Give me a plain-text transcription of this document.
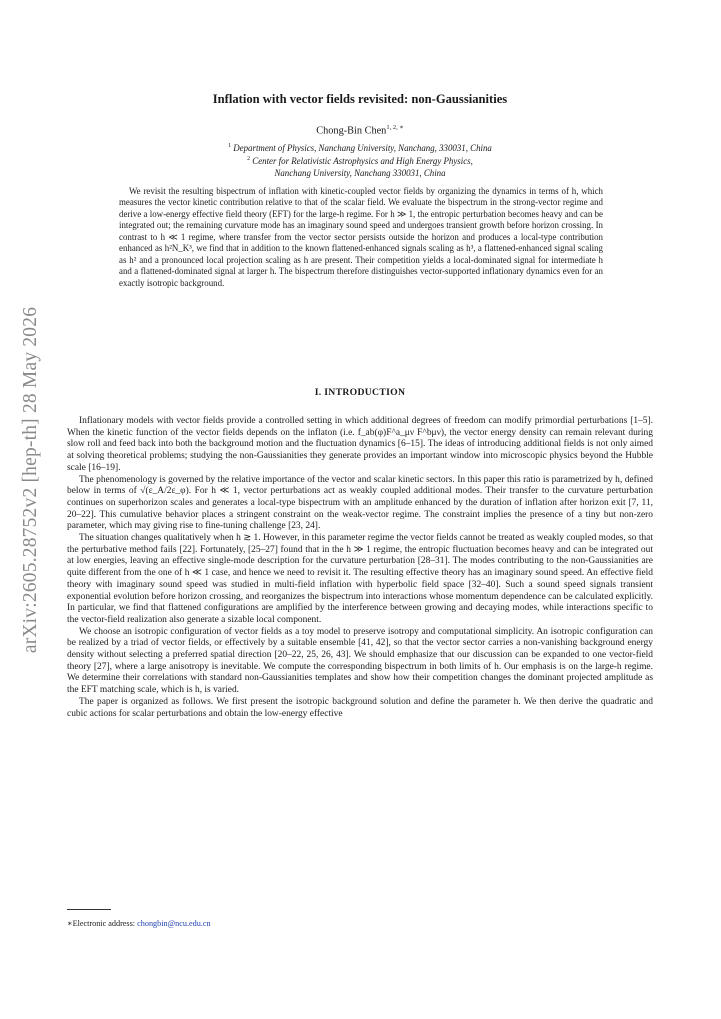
arXiv:2605.28752v2 [hep-th] 28 May 2026
Inflation with vector fields revisited: non-Gaussianities
Chong-Bin Chen$^{1, 2, ∗}$
$^1$ Department of Physics, Nanchang University, Nanchang, 330031, China
$^2$ Center for Relativistic Astrophysics and High Energy Physics,
Nanchang University, Nanchang 330031, China
We revisit the resulting bispectrum of inflation with kinetic-coupled vector fields by organizing the dynamics in terms of h, which measures the vector kinetic contribution relative to that of the scalar field. We evaluate the bispectrum in the strong-vector regime and derive a low-energy effective field theory (EFT) for the large-h regime. For h ≫ 1, the entropic perturbation becomes heavy and can be integrated out; the remaining curvature mode has an imaginary sound speed and undergoes transient growth before horizon crossing. In contrast to h ≪ 1 regime, where transfer from the vector sector persists outside the horizon and produces a local-type contribution enhanced as h²N_K³, we find that in addition to the known flattened-enhanced signals scaling as h³, a flattened-enhanced signal scaling as h² and a pronounced local projection scaling as h are present. Their competition yields a local-dominated signal for intermediate h and a flattened-dominated signal at larger h. The bispectrum therefore distinguishes vector-supported inflationary dynamics even for an exactly isotropic background.
I. INTRODUCTION

Inflationary models with vector fields provide a controlled setting in which additional degrees of freedom can modify primordial perturbations [1–5]. When the kinetic function of the vector fields depends on the inflaton (i.e. f_ab(φ)F^a_μν F^bμν), the vector energy density can remain relevant during slow roll and feed back into both the background motion and the fluctuation dynamics [6–15]. The ideas of introducing additional fields is not only aimed at solving theoretical problems; studying the non-Gaussianities they generate provides an important window into microscopic physics beyond the Hubble scale [16–19].

The phenomenology is governed by the relative importance of the vector and scalar kinetic sectors. In this paper this ratio is parametrized by h, defined below in terms of √(ε_A/2ε_φ). For h ≪ 1, vector perturbations act as weakly coupled additional modes. Their transfer to the curvature perturbation continues on superhorizon scales and generates a local-type bispectrum with an amplitude enhanced by the duration of inflation after horizon exit [7, 11, 20–22]. This cumulative behavior places a stringent constraint on the weak-vector regime. The constraint implies the presence of a tiny but non-zero parameter, which may giving rise to fine-tuning challenge [23, 24].

The situation changes qualitatively when h ≳ 1. However, in this parameter regime the vector fields cannot be treated as weakly coupled modes, so that the perturbative method fails [22]. Fortunately, [25–27] found that in the h ≫ 1 regime, the entropic fluctuation becomes heavy and can be integrated out at low energies, leaving an effective single-mode description for the curvature perturbation [28–31]. The modes contributing to the non-Gaussianities are quite different from the one of h ≪ 1 case, and hence we need to revisit it. The resulting effective theory has an imaginary sound speed. An effective field theory with imaginary sound speed was studied in multi-field inflation with hyperbolic field space [32–40]. Such a sound speed signals transient exponential evolution before horizon crossing, and reorganizes the bispectrum into interactions whose momentum dependence can be calculated explicitly. In particular, we find that flattened configurations are amplified by the interference between growing and decaying modes, while interactions specific to the vector-field realization also generate a sizable local component.

We choose an isotropic configuration of vector fields as a toy model to preserve isotropy and computational simplicity. An isotropic configuration can be realized by a triad of vector fields, or effectively by a suitable ensemble [41, 42], so that the vector sector carries a non-vanishing background energy density without selecting a preferred spatial direction [20–22, 25, 26, 43]. We should emphasize that our discussion can be expanded to one vector-field theory [27], where a large anisotropy is inevitable. We compute the corresponding bispectrum in both limits of h. Our emphasis is on the large-h regime. We determine their correlations with standard non-Gaussianities templates and show how their competition changes the dominant projected amplitude as the EFT matching scale, which is h, is varied.

The paper is organized as follows. We first present the isotropic background solution and define the parameter h. We then derive the quadratic and cubic actions for scalar perturbations and obtain the low-energy effective

∗Electronic address: chongbin@ncu.edu.cn
